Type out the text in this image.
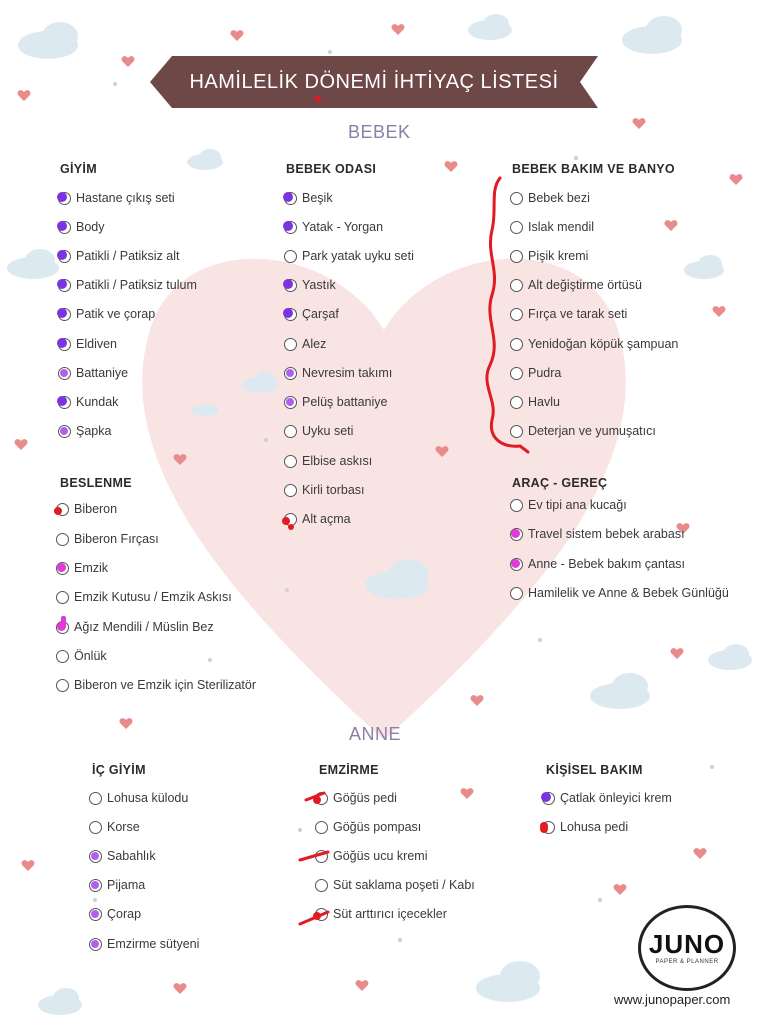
HAMİLELİK DÖNEMİ İHTİYAÇ LİSTESİ
BEBEK
ANNE
GİYİM	BEBEK ODASI	BEBEK BAKIM VE BANYO
BESLENME	ARAÇ - GEREÇ
İÇ GİYİM	EMZİRME	KİŞİSEL BAKIM
Hastane çıkış seti
Body
Patikli / Patiksiz alt
Patikli / Patiksiz tulum
Patik ve çorap
Eldiven
Battaniye
Kundak
Şapka
Beşik
Yatak - Yorgan
Park yatak uyku seti
Yastık
Çarşaf
Alez
Nevresim takımı
Pelüş battaniye
Uyku seti
Elbise askısı
Kirli torbası
Alt açma
Bebek bezi
Islak mendil
Pişik kremi
Alt değiştirme örtüsü
Fırça ve tarak seti
Yenidoğan köpük şampuan
Pudra
Havlu
Deterjan ve yumuşatıcı
Biberon
Biberon Fırçası
Emzik
Emzik Kutusu / Emzik Askısı
Ağız Mendili / Müslin Bez
Önlük
Biberon ve Emzik için Sterilizatör
Ev tipi ana kucağı
Travel sistem bebek arabası
Anne - Bebek bakım çantası
Hamilelik ve Anne & Bebek Günlüğü
Lohusa külodu
Korse
Sabahlık
Pijama
Çorap
Emzirme sütyeni
Göğüs pedi
Göğüs pompası
Göğüs ucu kremi
Süt saklama poşeti / Kabı
Süt arttırıcı içecekler
Çatlak önleyici krem
Lohusa pedi
JUNO
PAPER & PLANNER
www.junopaper.com
